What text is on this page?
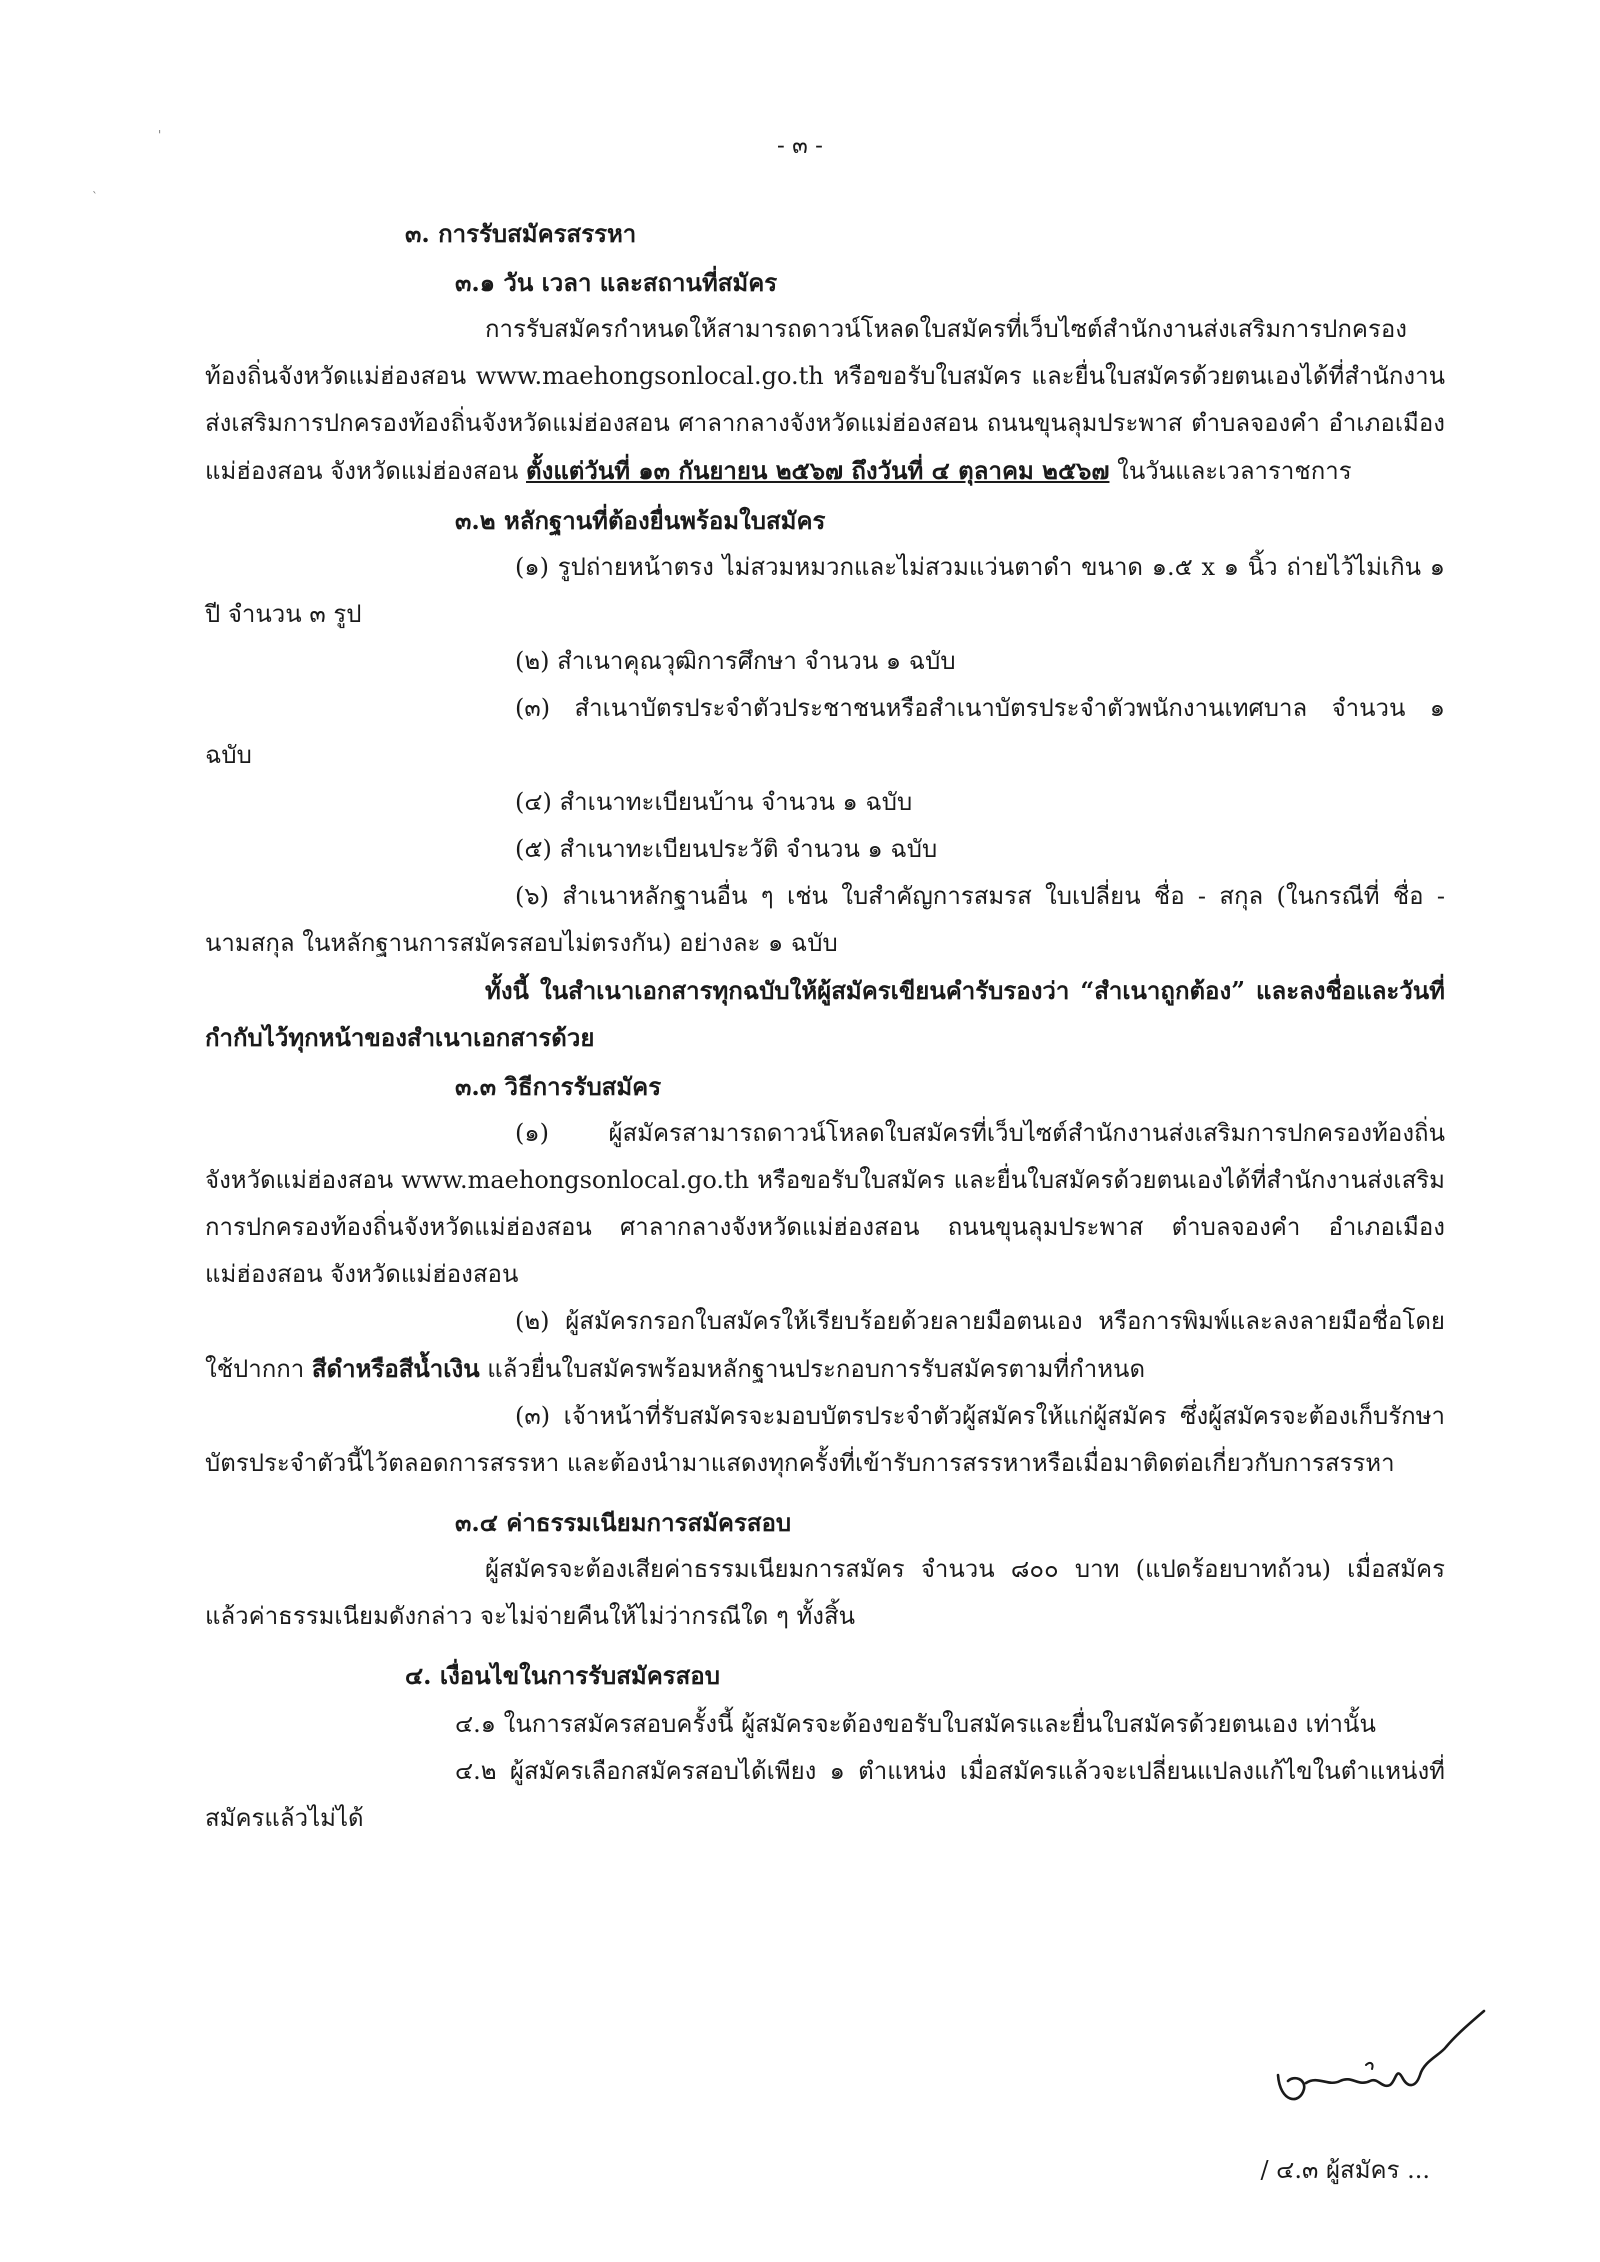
'
`
- ๓ -

๓. การรับสมัครสรรหา

๓.๑ วัน เวลา และสถานที่สมัคร

การรับสมัครกำหนดให้สามารถดาวน์โหลดใบสมัครที่เว็บไซต์สำนักงานส่งเสริมการปกครองท้องถิ่นจังหวัดแม่ฮ่องสอน www.maehongsonlocal.go.th หรือขอรับใบสมัคร และยื่นใบสมัครด้วยตนเองได้ที่สำนักงานส่งเสริมการปกครองท้องถิ่นจังหวัดแม่ฮ่องสอน ศาลากลางจังหวัดแม่ฮ่องสอน ถนนขุนลุมประพาส ตำบลจองคำ อำเภอเมืองแม่ฮ่องสอน จังหวัดแม่ฮ่องสอน ตั้งแต่วันที่ ๑๓ กันยายน ๒๕๖๗ ถึงวันที่ ๔ ตุลาคม ๒๕๖๗ ในวันและเวลาราชการ

๓.๒ หลักฐานที่ต้องยื่นพร้อมใบสมัคร

(๑) รูปถ่ายหน้าตรง ไม่สวมหมวกและไม่สวมแว่นตาดำ ขนาด ๑.๕ x ๑ นิ้ว ถ่ายไว้ไม่เกิน ๑ ปี จำนวน ๓ รูป

(๒) สำเนาคุณวุฒิการศึกษา จำนวน ๑ ฉบับ

(๓) สำเนาบัตรประจำตัวประชาชนหรือสำเนาบัตรประจำตัวพนักงานเทศบาล จำนวน ๑ ฉบับ

(๔) สำเนาทะเบียนบ้าน จำนวน ๑ ฉบับ

(๕) สำเนาทะเบียนประวัติ จำนวน ๑ ฉบับ

(๖) สำเนาหลักฐานอื่น ๆ เช่น ใบสำคัญการสมรส ใบเปลี่ยน ชื่อ - สกุล (ในกรณีที่ ชื่อ - นามสกุล ในหลักฐานการสมัครสอบไม่ตรงกัน) อย่างละ ๑ ฉบับ

ทั้งนี้ ในสำเนาเอกสารทุกฉบับให้ผู้สมัครเขียนคำรับรองว่า “สำเนาถูกต้อง” และลงชื่อและวันที่กำกับไว้ทุกหน้าของสำเนาเอกสารด้วย

๓.๓ วิธีการรับสมัคร

(๑) ผู้สมัครสามารถดาวน์โหลดใบสมัครที่เว็บไซต์สำนักงานส่งเสริมการปกครองท้องถิ่นจังหวัดแม่ฮ่องสอน www.maehongsonlocal.go.th หรือขอรับใบสมัคร และยื่นใบสมัครด้วยตนเองได้ที่สำนักงานส่งเสริมการปกครองท้องถิ่นจังหวัดแม่ฮ่องสอน ศาลากลางจังหวัดแม่ฮ่องสอน ถนนขุนลุมประพาส ตำบลจองคำ อำเภอเมืองแม่ฮ่องสอน จังหวัดแม่ฮ่องสอน

(๒) ผู้สมัครกรอกใบสมัครให้เรียบร้อยด้วยลายมือตนเอง หรือการพิมพ์และลงลายมือชื่อโดยใช้ปากกา สีดำหรือสีน้ำเงิน แล้วยื่นใบสมัครพร้อมหลักฐานประกอบการรับสมัครตามที่กำหนด

(๓) เจ้าหน้าที่รับสมัครจะมอบบัตรประจำตัวผู้สมัครให้แก่ผู้สมัคร ซึ่งผู้สมัครจะต้องเก็บรักษาบัตรประจำตัวนี้ไว้ตลอดการสรรหา และต้องนำมาแสดงทุกครั้งที่เข้ารับการสรรหาหรือเมื่อมาติดต่อเกี่ยวกับการสรรหา

๓.๔ ค่าธรรมเนียมการสมัครสอบ

ผู้สมัครจะต้องเสียค่าธรรมเนียมการสมัคร จำนวน ๘๐๐ บาท (แปดร้อยบาทถ้วน) เมื่อสมัครแล้วค่าธรรมเนียมดังกล่าว จะไม่จ่ายคืนให้ไม่ว่ากรณีใด ๆ ทั้งสิ้น

๔. เงื่อนไขในการรับสมัครสอบ

๔.๑ ในการสมัครสอบครั้งนี้ ผู้สมัครจะต้องขอรับใบสมัครและยื่นใบสมัครด้วยตนเอง เท่านั้น

๔.๒ ผู้สมัครเลือกสมัครสอบได้เพียง ๑ ตำแหน่ง เมื่อสมัครแล้วจะเปลี่ยนแปลงแก้ไขในตำแหน่งที่สมัครแล้วไม่ได้

/ ๔.๓ ผู้สมัคร ...
